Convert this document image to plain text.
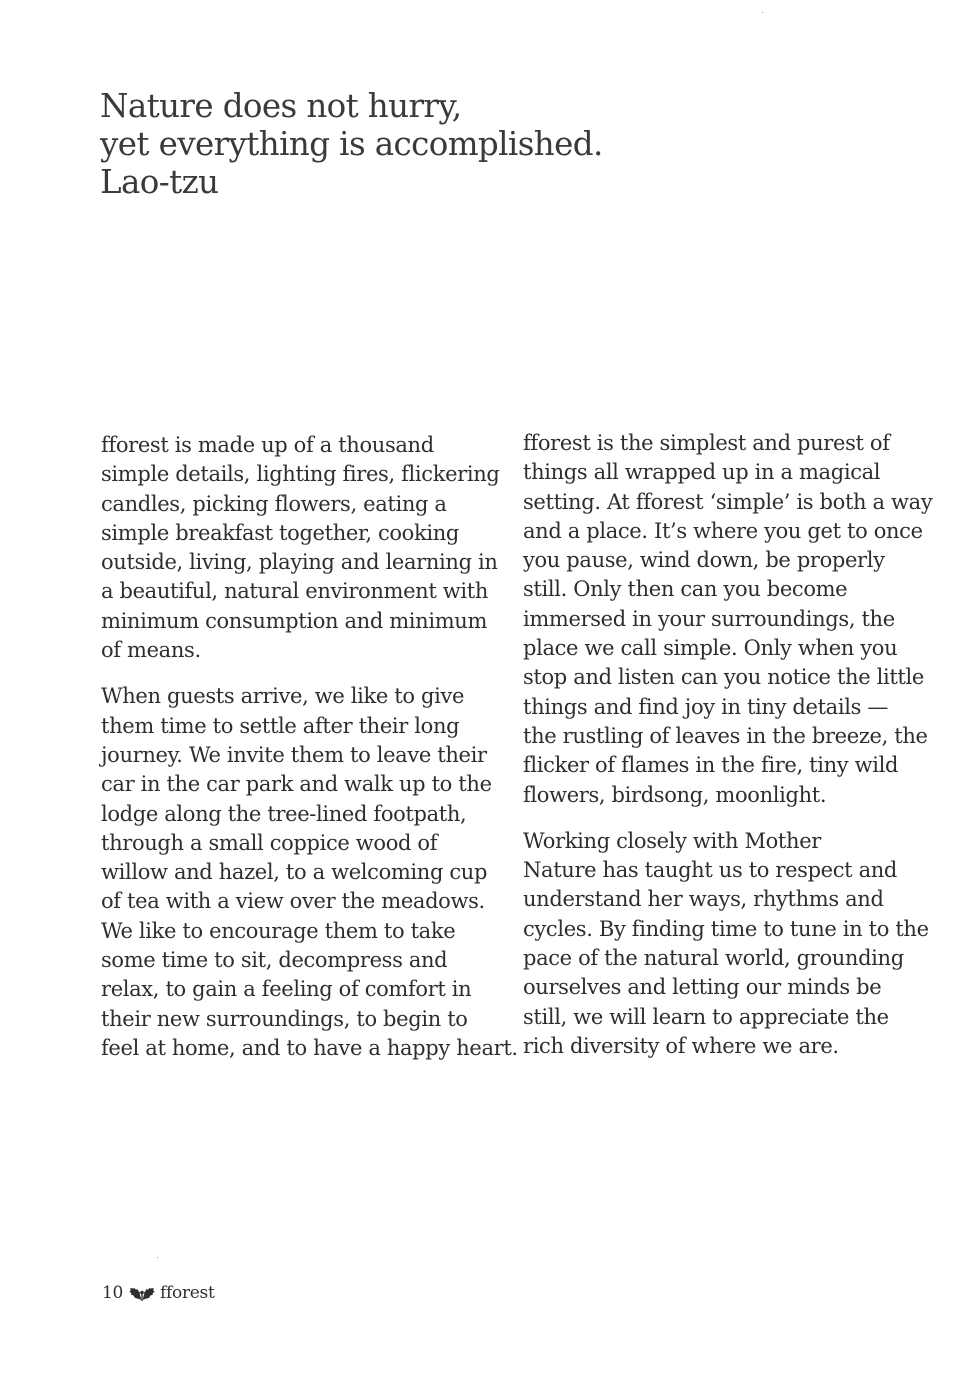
Nature does not hurry,
yet everything is accomplished.
Lao-tzu

fforest is made up of a thousand
simple details, lighting fires, flickering
candles, picking flowers, eating a
simple breakfast together, cooking
outside, living, playing and learning in
a beautiful, natural environment with
minimum consumption and minimum
of means.

When guests arrive, we like to give
them time to settle after their long
journey. We invite them to leave their
car in the car park and walk up to the
lodge along the tree-lined footpath,
through a small coppice wood of
willow and hazel, to a welcoming cup
of tea with a view over the meadows.
We like to encourage them to take
some time to sit, decompress and
relax, to gain a feeling of comfort in
their new surroundings, to begin to
feel at home, and to have a happy heart.

fforest is the simplest and purest of
things all wrapped up in a magical
setting. At fforest ‘simple’ is both a way
and a place. It’s where you get to once
you pause, wind down, be properly
still. Only then can you become
immersed in your surroundings, the
place we call simple. Only when you
stop and listen can you notice the little
things and find joy in tiny details —
the rustling of leaves in the breeze, the
flicker of flames in the fire, tiny wild
flowers, birdsong, moonlight.

Working closely with Mother
Nature has taught us to respect and
understand her ways, rhythms and
cycles. By finding time to tune in to the
pace of the natural world, grounding
ourselves and letting our minds be
still, we will learn to appreciate the
rich diversity of where we are.

10 fforest
